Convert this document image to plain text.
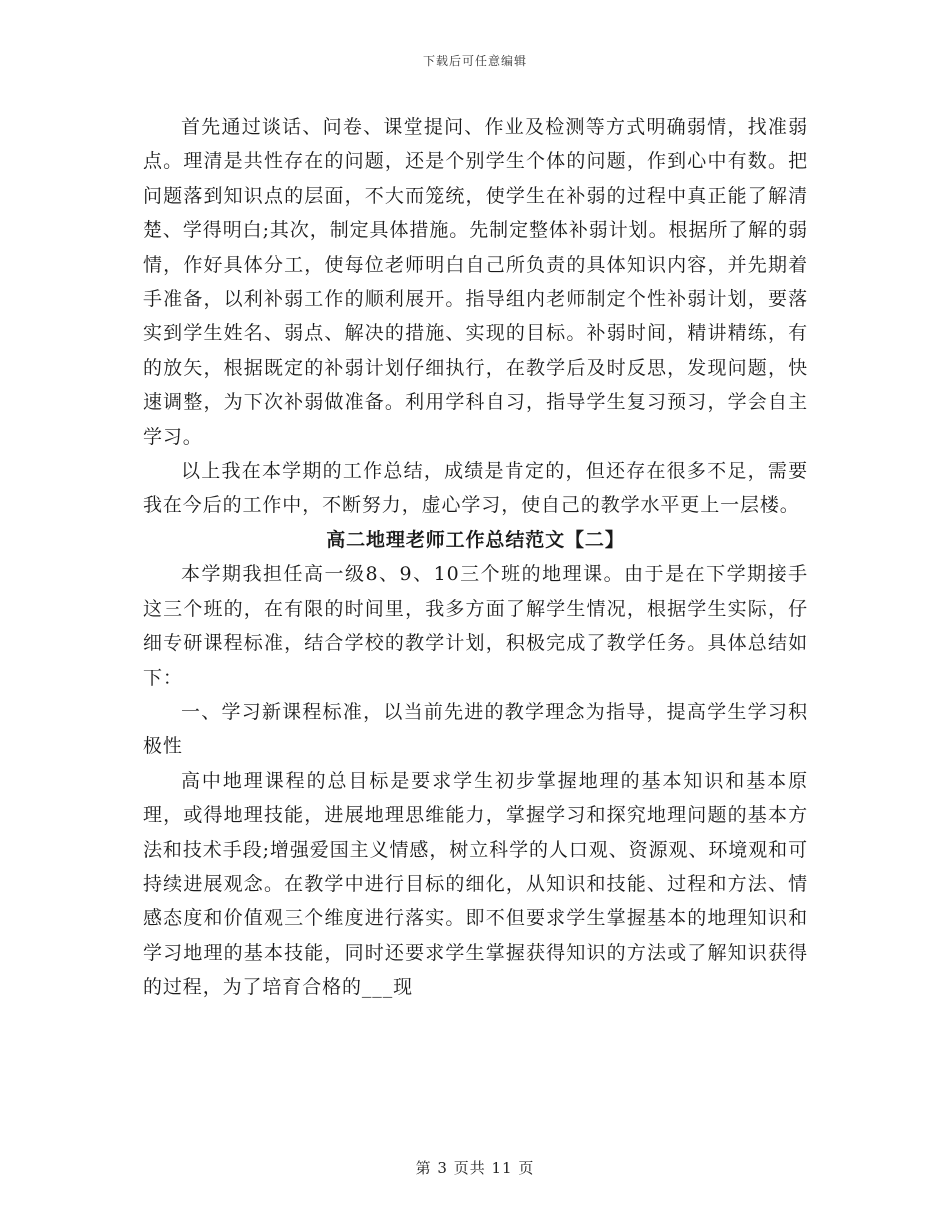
下载后可任意编辑

首先通过谈话、问卷、课堂提问、作业及检测等方式明确弱情，找准弱点。理清是共性存在的问题，还是个别学生个体的问题，作到心中有数。把问题落到知识点的层面，不大而笼统，使学生在补弱的过程中真正能了解清楚、学得明白;其次，制定具体措施。先制定整体补弱计划。根据所了解的弱情，作好具体分工，使每位老师明白自己所负责的具体知识内容，并先期着手准备，以利补弱工作的顺利展开。指导组内老师制定个性补弱计划，要落实到学生姓名、弱点、解决的措施、实现的目标。补弱时间，精讲精练，有的放矢，根据既定的补弱计划仔细执行，在教学后及时反思，发现问题，快速调整，为下次补弱做准备。利用学科自习，指导学生复习预习，学会自主学习。

以上我在本学期的工作总结，成绩是肯定的，但还存在很多不足，需要我在今后的工作中，不断努力，虚心学习，使自己的教学水平更上一层楼。

高二地理老师工作总结范文【二】

本学期我担任高一级8、9、10三个班的地理课。由于是在下学期接手这三个班的，在有限的时间里，我多方面了解学生情况，根据学生实际，仔细专研课程标准，结合学校的教学计划，积极完成了教学任务。具体总结如下：

一、学习新课程标准，以当前先进的教学理念为指导，提高学生学习积极性

高中地理课程的总目标是要求学生初步掌握地理的基本知识和基本原理，或得地理技能，进展地理思维能力，掌握学习和探究地理问题的基本方法和技术手段;增强爱国主义情感，树立科学的人口观、资源观、环境观和可持续进展观念。在教学中进行目标的细化，从知识和技能、过程和方法、情感态度和价值观三个维度进行落实。即不但要求学生掌握基本的地理知识和学习地理的基本技能，同时还要求学生掌握获得知识的方法或了解知识获得的过程，为了培育合格的___现

第 3 页共 11 页
